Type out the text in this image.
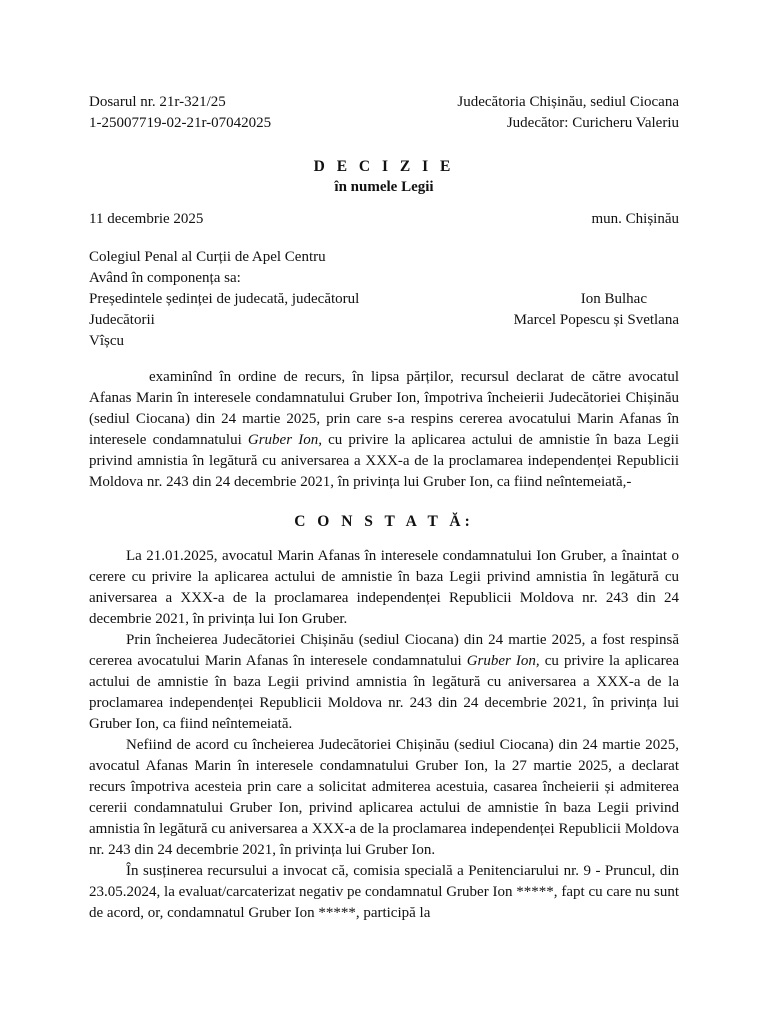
Dosarul nr. 21r-321/25	Judecătoria Chișinău, sediul Ciocana
1-25007719-02-21r-07042025	Judecător: Curicheru Valeriu
D E C I Z I E
în numele Legii
11 decembrie 2025	mun. Chișinău
Colegiul Penal al Curții de Apel Centru
Având în componența sa:
Președintele ședinței de judecată, judecătorul	Ion Bulhac
Judecătorii	Marcel Popescu și Svetlana
Vîșcu

examinînd în ordine de recurs, în lipsa părților, recursul declarat de către avocatul Afanas Marin în interesele condamnatului Gruber Ion, împotriva încheierii Judecătoriei Chișinău (sediul Ciocana) din 24 martie 2025, prin care s-a respins cererea avocatului Marin Afanas în interesele condamnatului Gruber Ion, cu privire la aplicarea actului de amnistie în baza Legii privind amnistia în legătură cu aniversarea a XXX-a de la proclamarea independenței Republicii Moldova nr. 243 din 24 decembrie 2021, în privința lui Gruber Ion, ca fiind neîntemeiată,-

C O N S T A T Ă:

La 21.01.2025, avocatul Marin Afanas în interesele condamnatului Ion Gruber, a înaintat o cerere cu privire la aplicarea actului de amnistie în baza Legii privind amnistia în legătură cu aniversarea a XXX-a de la proclamarea independenței Republicii Moldova nr. 243 din 24 decembrie 2021, în privința lui Ion Gruber.

Prin încheierea Judecătoriei Chișinău (sediul Ciocana) din 24 martie 2025, a fost respinsă cererea avocatului Marin Afanas în interesele condamnatului Gruber Ion, cu privire la aplicarea actului de amnistie în baza Legii privind amnistia în legătură cu aniversarea a XXX-a de la proclamarea independenței Republicii Moldova nr. 243 din 24 decembrie 2021, în privința lui Gruber Ion, ca fiind neîntemeiată.

Nefiind de acord cu încheierea Judecătoriei Chișinău (sediul Ciocana) din 24 martie 2025, avocatul Afanas Marin în interesele condamnatului Gruber Ion, la 27 martie 2025, a declarat recurs împotriva acesteia prin care a solicitat admiterea acestuia, casarea încheierii și admiterea cererii condamnatului Gruber Ion, privind aplicarea actului de amnistie în baza Legii privind amnistia în legătură cu aniversarea a XXX-a de la proclamarea independenței Republicii Moldova nr. 243 din 24 decembrie 2021, în privința lui Gruber Ion.

În susținerea recursului a invocat că, comisia specială a Penitenciarului nr. 9 - Pruncul, din 23.05.2024, la evaluat/carcaterizat negativ pe condamnatul Gruber Ion *****, fapt cu care nu sunt de acord, or, condamnatul Gruber Ion *****, participă la
